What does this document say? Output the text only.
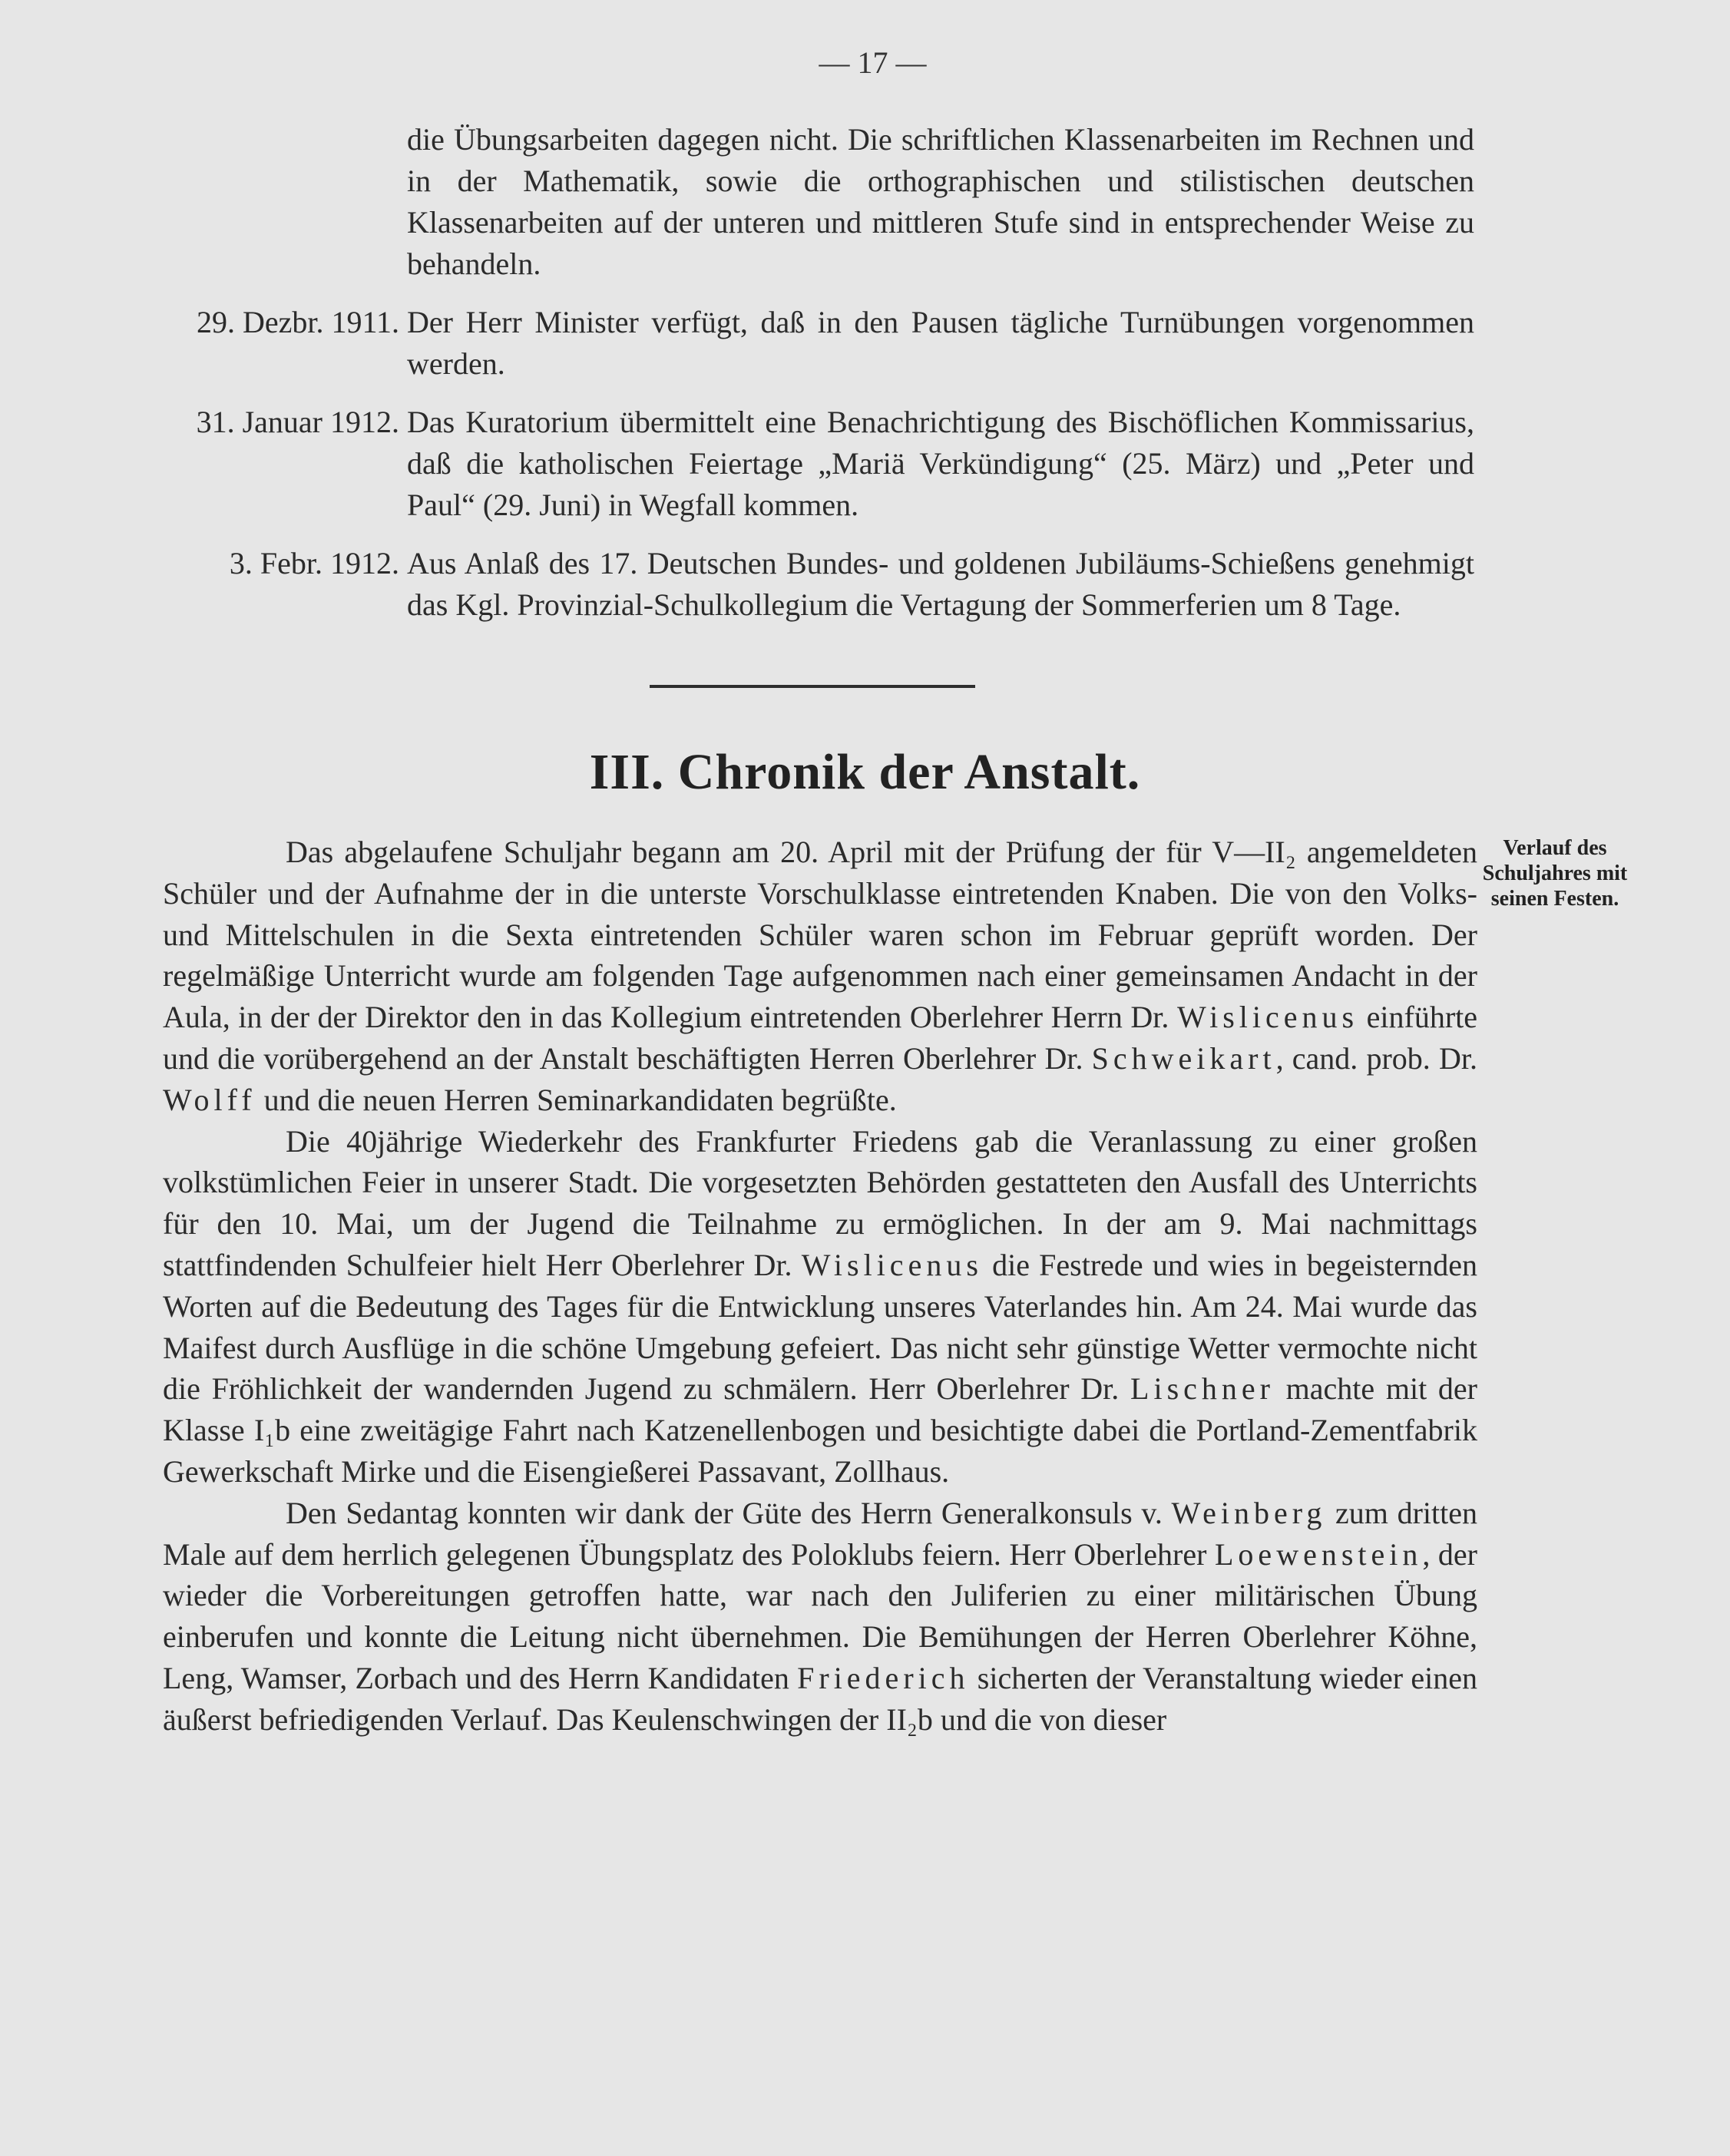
— 17 —
die Übungsarbeiten dagegen nicht. Die schriftlichen Klassenarbeiten im Rechnen und in der Mathematik, sowie die orthographischen und stilistischen deutschen Klassenarbeiten auf der unteren und mittleren Stufe sind in entsprechender Weise zu behandeln.
29. Dezbr. 1911. Der Herr Minister verfügt, daß in den Pausen tägliche Turnübungen vorgenommen werden.
31. Januar 1912. Das Kuratorium übermittelt eine Benachrichtigung des Bischöflichen Kommissarius, daß die katholischen Feiertage „Mariä Verkündigung“ (25. März) und „Peter und Paul“ (29. Juni) in Wegfall kommen.
3. Febr. 1912. Aus Anlaß des 17. Deutschen Bundes- und goldenen Jubiläums-Schießens genehmigt das Kgl. Provinzial-Schulkollegium die Vertagung der Sommerferien um 8 Tage.
III. Chronik der Anstalt.
Verlauf des Schuljahres mit seinen Festen.

Das abgelaufene Schuljahr begann am 20. April mit der Prüfung der für V—II₂ angemeldeten Schüler und der Aufnahme der in die unterste Vorschulklasse eintretenden Knaben. Die von den Volks- und Mittelschulen in die Sexta eintretenden Schüler waren schon im Februar geprüft worden. Der regelmäßige Unterricht wurde am folgenden Tage aufgenommen nach einer gemeinsamen Andacht in der Aula, in der der Direktor den in das Kollegium eintretenden Oberlehrer Herrn Dr. Wislicenus einführte und die vorübergehend an der Anstalt beschäftigten Herren Oberlehrer Dr. Schweikart, cand. prob. Dr. Wolff und die neuen Herren Seminarkandidaten begrüßte.

Die 40jährige Wiederkehr des Frankfurter Friedens gab die Veranlassung zu einer großen volkstümlichen Feier in unserer Stadt. Die vorgesetzten Behörden gestatteten den Ausfall des Unterrichts für den 10. Mai, um der Jugend die Teilnahme zu ermöglichen. In der am 9. Mai nachmittags stattfindenden Schulfeier hielt Herr Oberlehrer Dr. Wislicenus die Festrede und wies in begeisternden Worten auf die Bedeutung des Tages für die Entwicklung unseres Vaterlandes hin. Am 24. Mai wurde das Maifest durch Ausflüge in die schöne Umgebung gefeiert. Das nicht sehr günstige Wetter vermochte nicht die Fröhlichkeit der wandernden Jugend zu schmälern. Herr Oberlehrer Dr. Lischner machte mit der Klasse I₁b eine zweitägige Fahrt nach Katzenellenbogen und besichtigte dabei die Portland-Zementfabrik Gewerkschaft Mirke und die Eisengießerei Passavant, Zollhaus.

Den Sedantag konnten wir dank der Güte des Herrn Generalkonsuls v. Weinberg zum dritten Male auf dem herrlich gelegenen Übungsplatz des Poloklubs feiern. Herr Oberlehrer Loewenstein, der wieder die Vorbereitungen getroffen hatte, war nach den Juliferien zu einer militärischen Übung einberufen und konnte die Leitung nicht übernehmen. Die Bemühungen der Herren Oberlehrer Köhne, Leng, Wamser, Zorbach und des Herrn Kandidaten Friederich sicherten der Veranstaltung wieder einen äußerst befriedigenden Verlauf. Das Keulenschwingen der II₂b und die von dieser
